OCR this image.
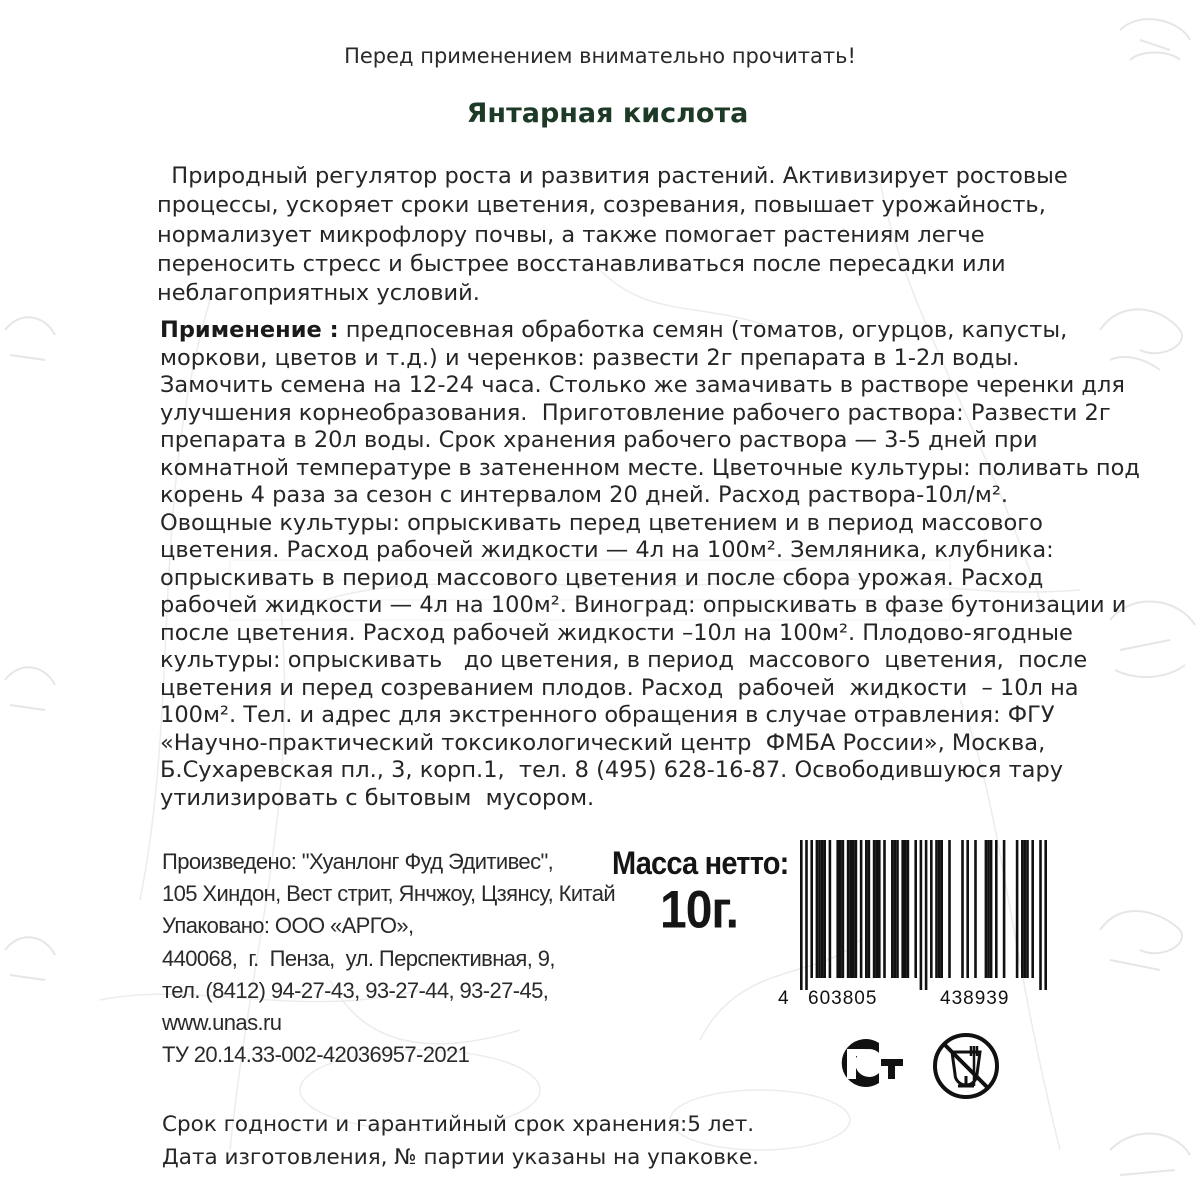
Перед применением внимательно прочитать!
Янтарная кислота
Природный регулятор роста и развития растений. Активизирует ростовые
процессы, ускоряет сроки цветения, созревания, повышает урожайность,
нормализует микрофлору почвы, а также помогает растениям легче
переносить стресс и быстрее восстанавливаться после пересадки или
неблагоприятных условий.
Применение : предпосевная обработка семян (томатов, огурцов, капусты,
моркови, цветов и т.д.) и черенков: развести 2г препарата в 1-2л воды.
Замочить семена на 12-24 часа. Столько же замачивать в растворе черенки для
улучшения корнеобразования.  Приготовление рабочего раствора: Развести 2г
препарата в 20л воды. Срок хранения рабочего раствора — 3-5 дней при
комнатной температуре в затененном месте. Цветочные культуры: поливать под
корень 4 раза за сезон с интервалом 20 дней. Расход раствора-10л/м².
Овощные культуры: опрыскивать перед цветением и в период массового
цветения. Расход рабочей жидкости — 4л на 100м². Земляника, клубника:
опрыскивать в период массового цветения и после сбора урожая. Расход
рабочей жидкости — 4л на 100м². Виноград: опрыскивать в фазе бутонизации и
после цветения. Расход рабочей жидкости –10л на 100м². Плодово-ягодные
культуры: опрыскивать   до цветения, в период  массового  цветения,  после
цветения и перед созреванием плодов. Расход  рабочей  жидкости  – 10л на
100м². Тел. и адрес для экстренного обращения в случае отравления: ФГУ
«Научно-практический токсикологический центр  ФМБА России», Москва,
Б.Сухаревская пл., 3, корп.1,  тел. 8 (495) 628-16-87. Освободившуюся тару
утилизировать с бытовым  мусором.
Произведено: "Хуанлонг Фуд Эдитивес",
105 Хиндон, Вест стрит, Янчжоу, Цзянсу, Китай
Упаковано: ООО «АРГО»,
440068,  г.  Пенза,  ул. Перспективная, 9,
тел. (8412) 94-27-43, 93-27-44, 93-27-45,
www.unas.ru
ТУ 20.14.33-002-42036957-2021
Масса нетто:
10г.
4 603805	438939
Срок годности и гарантийный срок хранения:5 лет.
Дата изготовления, № партии указаны на упаковке.
